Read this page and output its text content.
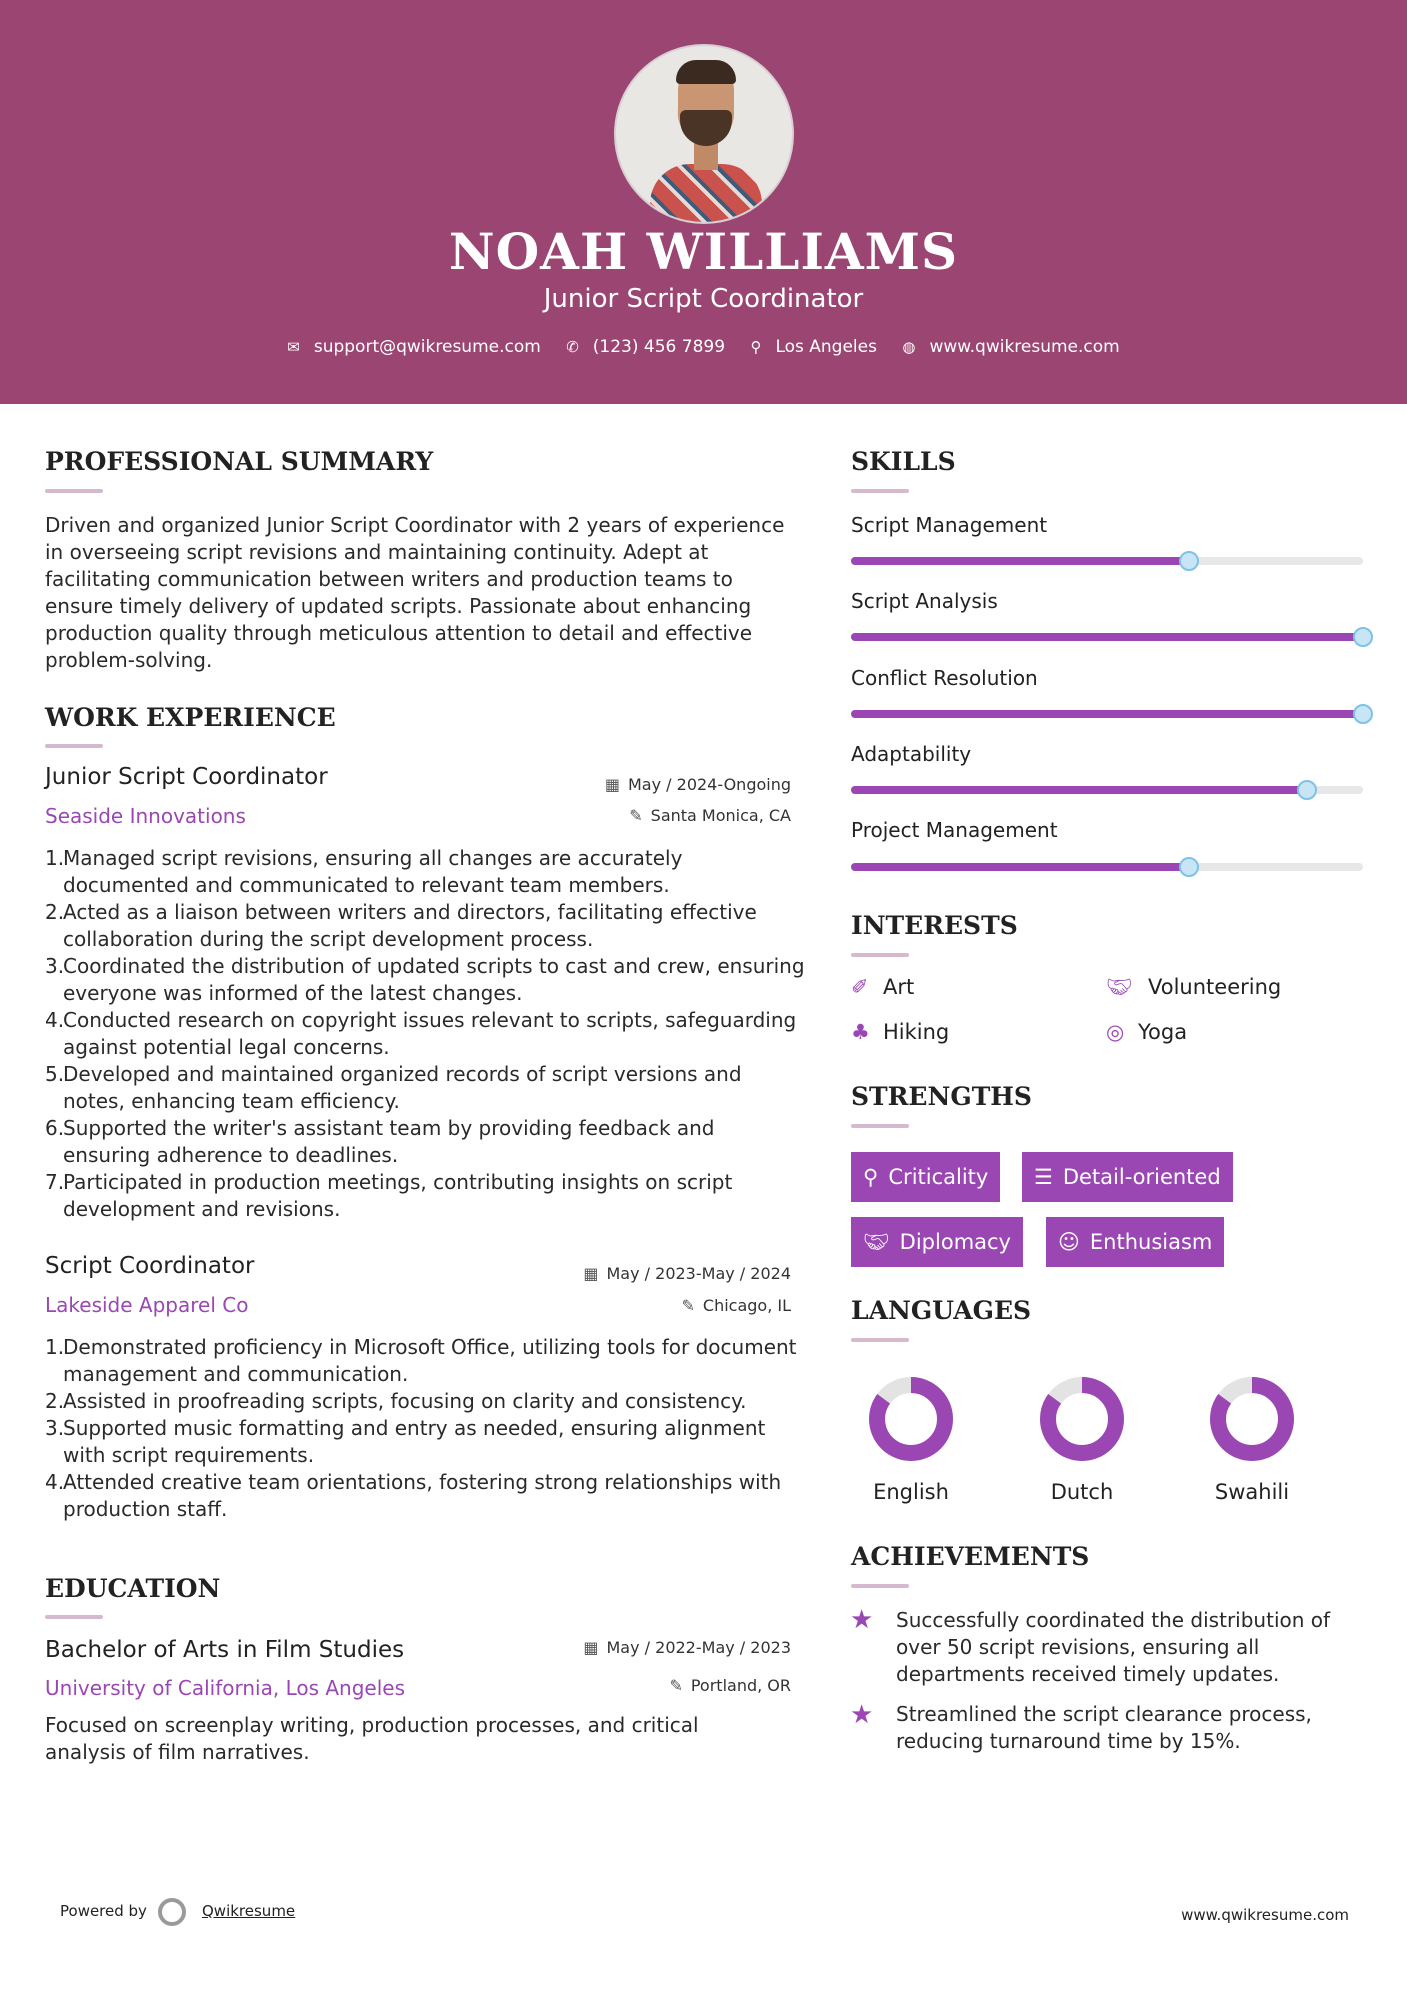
NOAH WILLIAMS
Junior Script Coordinator
✉ support@qwikresume.com ✆ (123) 456 7899 ⚲ Los Angeles ◍ www.qwikresume.com
PROFESSIONAL SUMMARY
Driven and organized Junior Script Coordinator with 2 years of experience in overseeing script revisions and maintaining continuity. Adept at facilitating communication between writers and production teams to ensure timely delivery of updated scripts. Passionate about enhancing production quality through meticulous attention to detail and effective problem-solving.
WORK EXPERIENCE
Junior Script Coordinator	▦ May / 2024-Ongoing
Seaside Innovations	✎ Santa Monica, CA
1.
Managed script revisions, ensuring all changes are accurately documented and communicated to relevant team members.
2.
Acted as a liaison between writers and directors, facilitating effective collaboration during the script development process.
3.
Coordinated the distribution of updated scripts to cast and crew, ensuring everyone was informed of the latest changes.
4.
Conducted research on copyright issues relevant to scripts, safeguarding against potential legal concerns.
5.
Developed and maintained organized records of script versions and notes, enhancing team efficiency.
6.
Supported the writer's assistant team by providing feedback and ensuring adherence to deadlines.
7.
Participated in production meetings, contributing insights on script development and revisions.
Script Coordinator	▦ May / 2023-May / 2024
Lakeside Apparel Co	✎ Chicago, IL
1.
Demonstrated proficiency in Microsoft Office, utilizing tools for document management and communication.
2.
Assisted in proofreading scripts, focusing on clarity and consistency.
3.
Supported music formatting and entry as needed, ensuring alignment with script requirements.
4.
Attended creative team orientations, fostering strong relationships with production staff.
EDUCATION
Bachelor of Arts in Film Studies	▦ May / 2022-May / 2023
University of California, Los Angeles	✎ Portland, OR
Focused on screenplay writing, production processes, and critical analysis of film narratives.
SKILLS
Script Management
Script Analysis
Conflict Resolution
Adaptability
Project Management
INTERESTS
✐ Art	🤝︎ Volunteering
♣ Hiking	◎ Yoga
STRENGTHS
⚲ Criticality	☰ Detail-oriented
🤝︎ Diplomacy	☺ Enthusiasm
LANGUAGES
English	Dutch	Swahili
ACHIEVEMENTS
★ Successfully coordinated the distribution of over 50 script revisions, ensuring all departments received timely updates.
★ Streamlined the script clearance process, reducing turnaround time by 15%.
Powered by	Qwikresume	www.qwikresume.com
